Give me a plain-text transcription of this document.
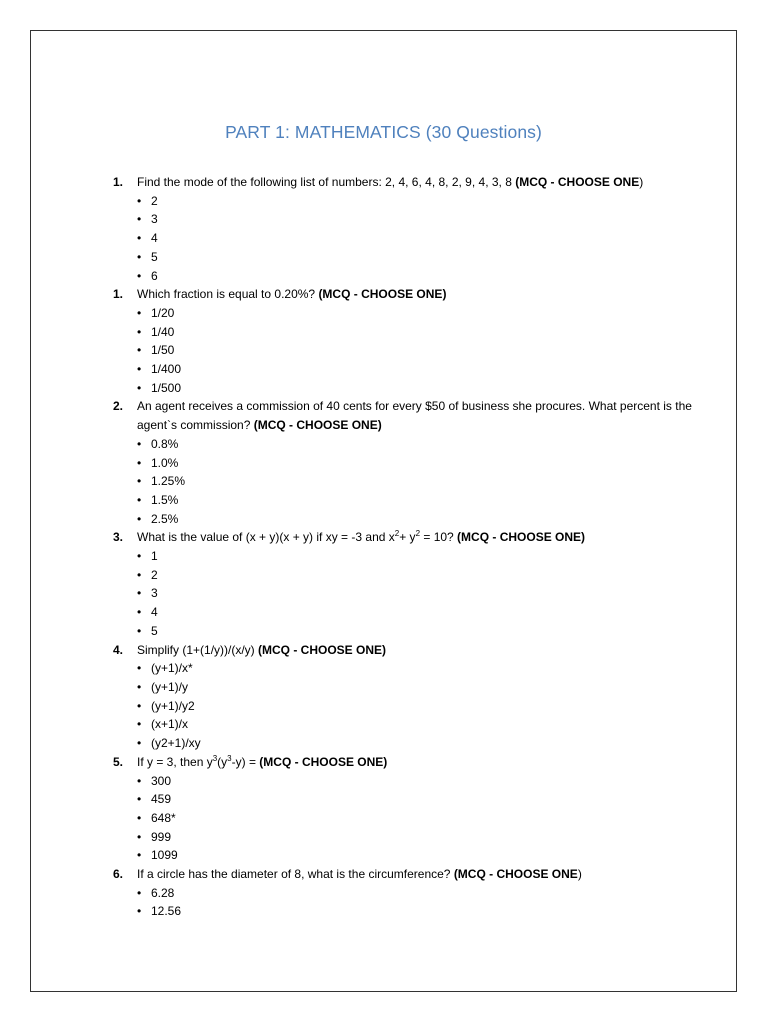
PART 1: MATHEMATICS (30 Questions)
1. Find the mode of the following list of numbers: 2, 4, 6, 4, 8, 2, 9, 4, 3, 8 (MCQ - CHOOSE ONE)
• 2
• 3
• 4
• 5
• 6
1. Which fraction is equal to 0.20%? (MCQ - CHOOSE ONE)
• 1/20
• 1/40
• 1/50
• 1/400
• 1/500
2. An agent receives a commission of 40 cents for every $50 of business she procures. What percent is the agent`s commission? (MCQ - CHOOSE ONE)
• 0.8%
• 1.0%
• 1.25%
• 1.5%
• 2.5%
3. What is the value of (x + y)(x + y) if xy = -3 and $x^2+ y^2 = 10$? (MCQ - CHOOSE ONE)
• 1
• 2
• 3
• 4
• 5
4. Simplify (1+(1/y))/(x/y) (MCQ - CHOOSE ONE)
• (y+1)/x*
• (y+1)/y
• (y+1)/y2
• (x+1)/x
• (y2+1)/xy
5. If y = 3, then $y^3(y^3-y) = (MCQ$ - CHOOSE ONE)
• 300
• 459
• 648*
• 999
• 1099
6. If a circle has the diameter of 8, what is the circumference? (MCQ - CHOOSE ONE)
• 6.28
• 12.56
